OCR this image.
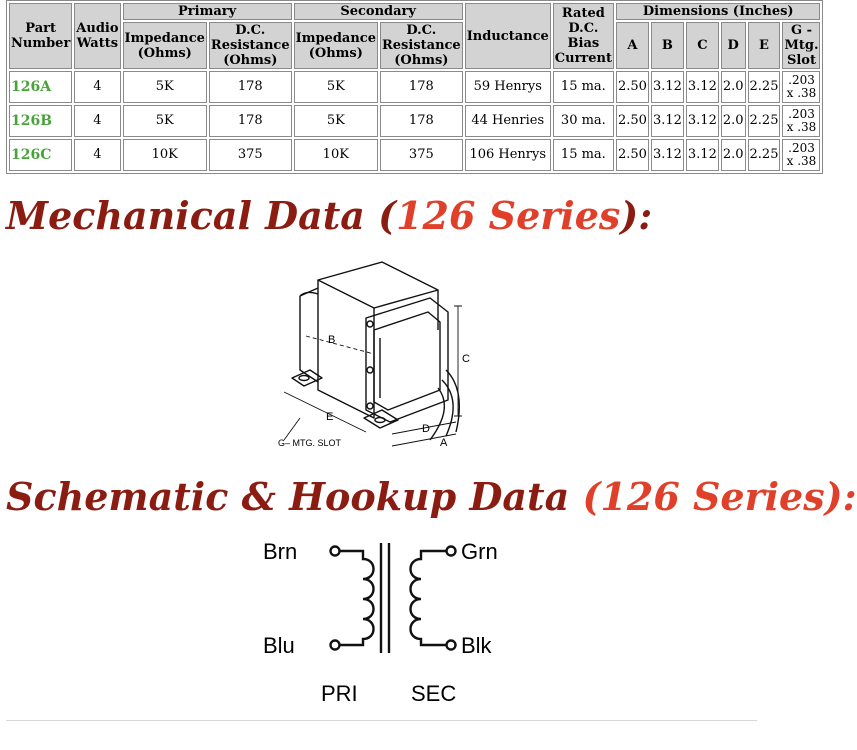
Part Number	Audio Watts	Primary		Secondary		Inductance	Rated D.C. Bias Current	Dimensions (Inches)					
		Impedance (Ohms)	D.C. Resistance (Ohms)	Impedance (Ohms)	D.C. Resistance (Ohms)			A	B	C	D	E	G - Mtg. Slot
126A	4	5K	178	5K	178	59 Henrys	15 ma.	2.50	3.12	3.12	2.0	2.25	.203 x .38
126B	4	5K	178	5K	178	44 Henries	30 ma.	2.50	3.12	3.12	2.0	2.25	.203 x .38
126C	4	10K	375	10K	375	106 Henrys	15 ma.	2.50	3.12	3.12	2.0	2.25	.203 x .38
Mechanical Data (126 Series):
B
C
D
A
E
G– MTG. SLOT
Schematic & Hookup Data (126 Series):
Brn
Blu
Grn
Blk
PRI SEC
